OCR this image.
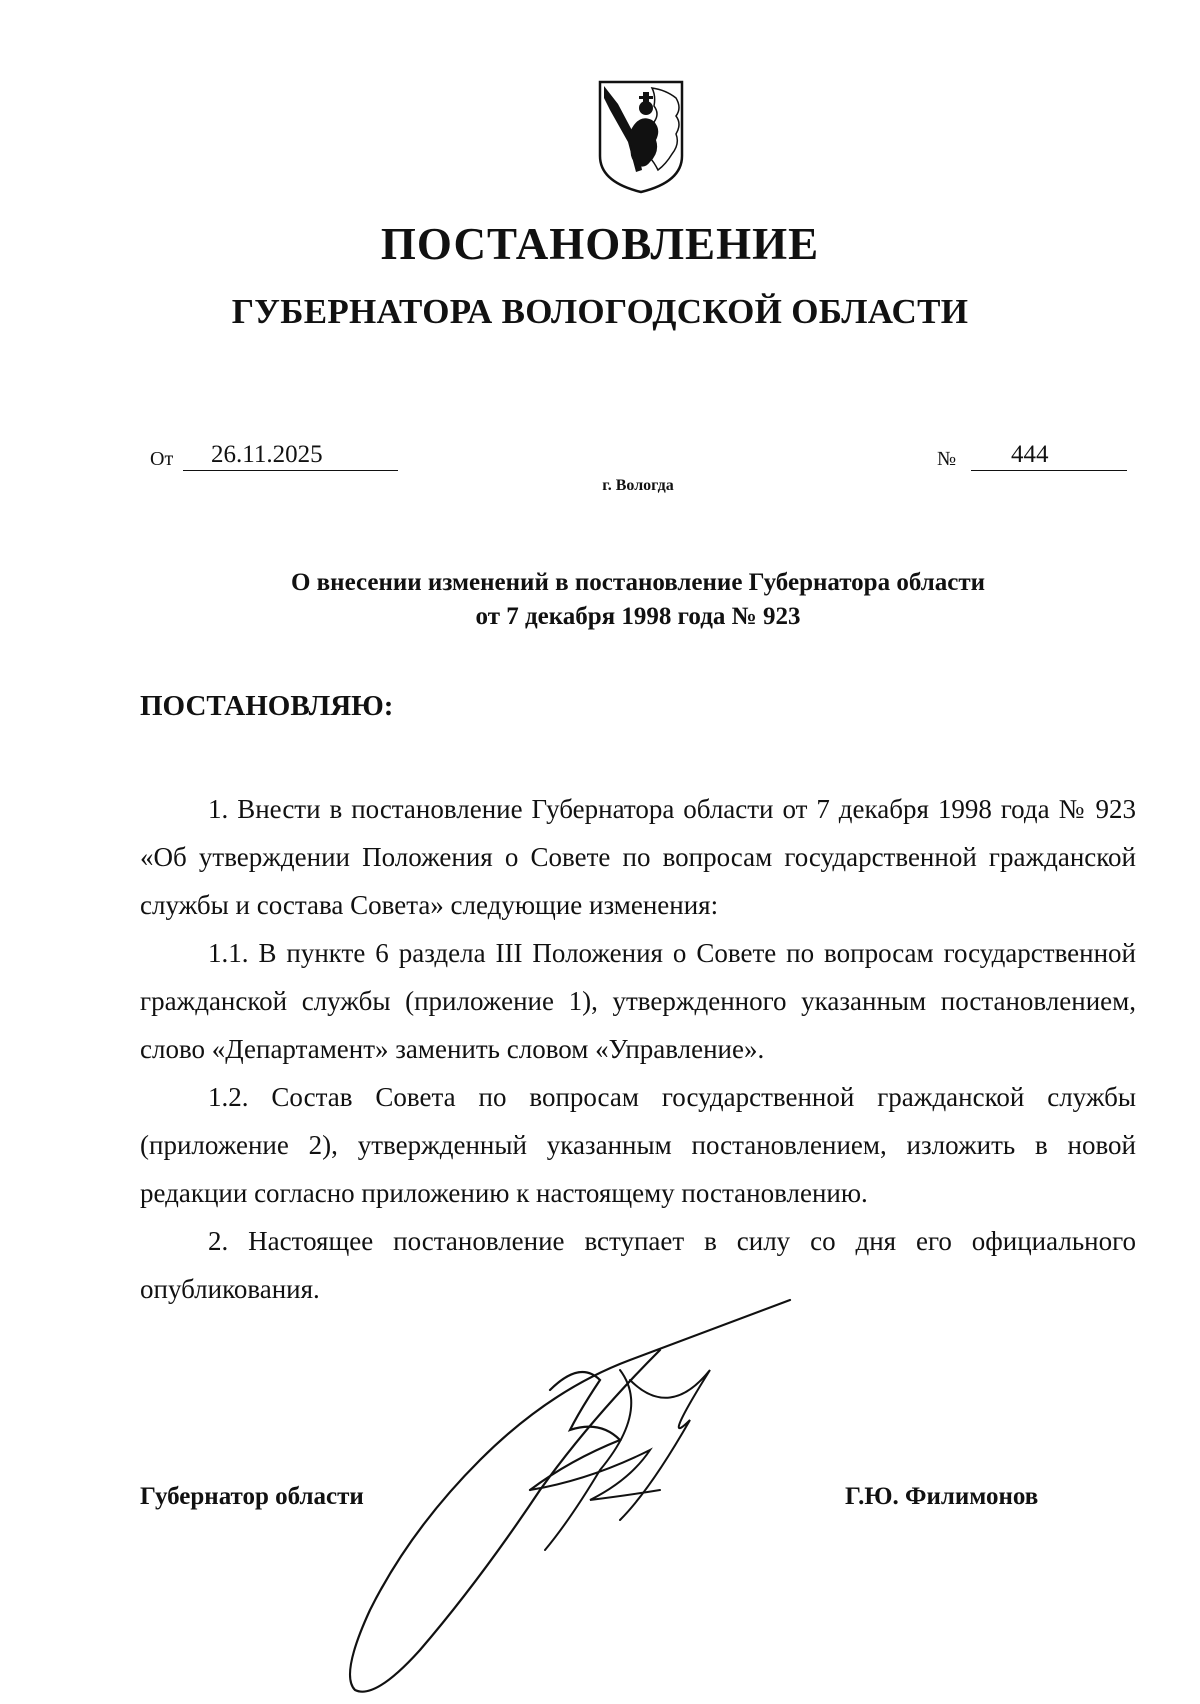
ПОСТАНОВЛЕНИЕ
ГУБЕРНАТОРА ВОЛОГОДСКОЙ ОБЛАСТИ
От	26.11.2025
г. Вологда
№	444
О внесении изменений в постановление Губернатора области
от 7 декабря 1998 года № 923
ПОСТАНОВЛЯЮ:

1. Внести в постановление Губернатора области от 7 декабря 1998 года № 923 «Об утверждении Положения о Совете по вопросам государственной гражданской службы и состава Совета» следующие изменения:

1.1. В пункте 6 раздела III Положения о Совете по вопросам государственной гражданской службы (приложение 1), утвержденного указанным постановлением, слово «Департамент» заменить словом «Управление».

1.2. Состав Совета по вопросам государственной гражданской службы (приложение 2), утвержденный указанным постановлением, изложить в новой редакции согласно приложению к настоящему постановлению.

2. Настоящее постановление вступает в силу со дня его официального опубликования.

Губернатор области	Г.Ю. Филимонов
